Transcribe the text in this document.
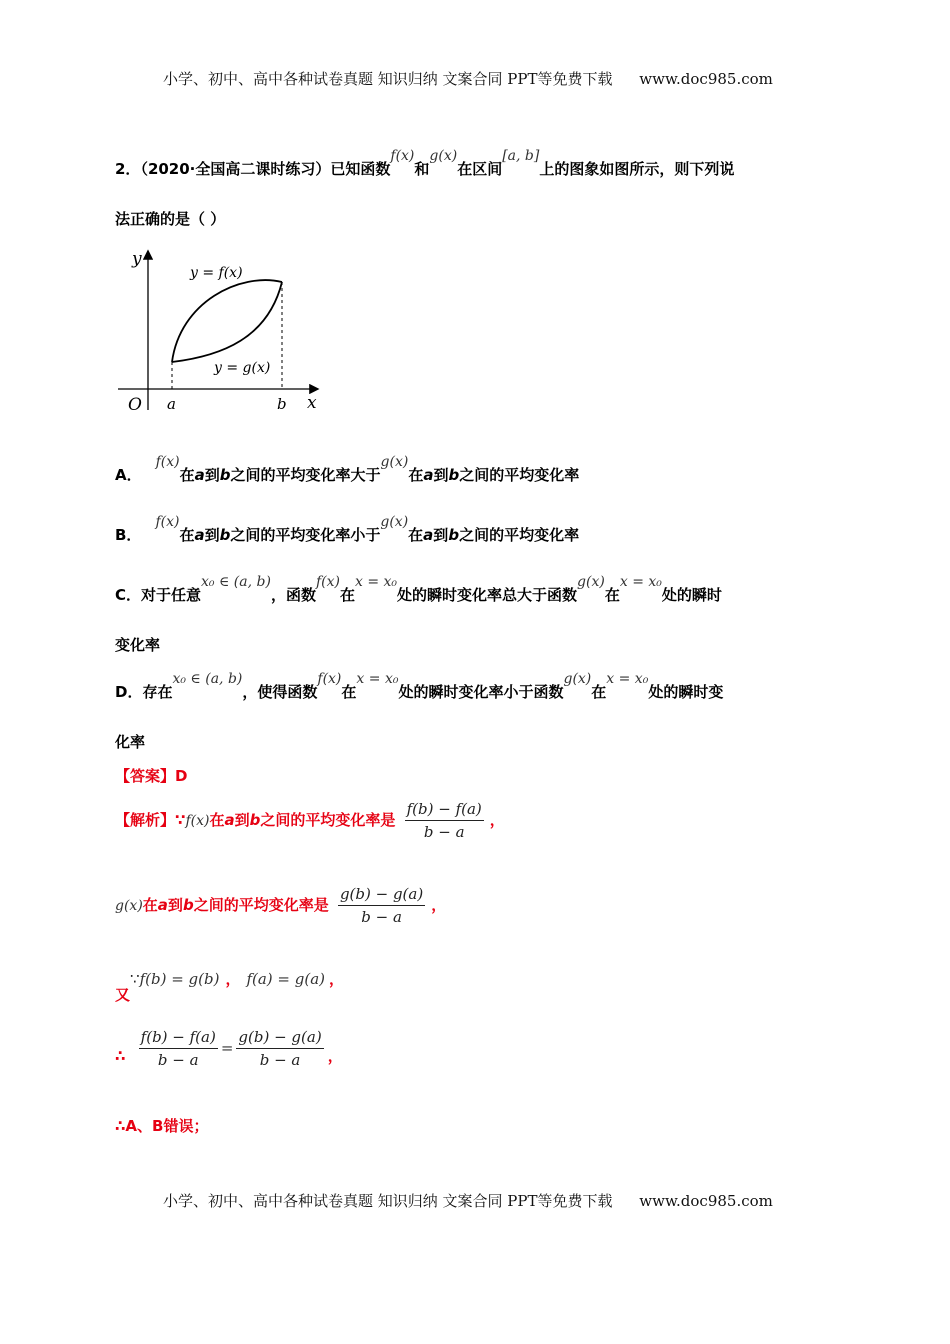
小学、初中、高中各种试卷真题 知识归纳 文案合同 PPT等免费下载 www.doc985.com
2．（2020·全国高二课时练习）已知函数f(x)和g(x)在区间[a, b]上的图象如图所示，则下列说
法正确的是（ ）
y
x
O a	b
y = f(x)
y = g(x)
A．f(x)在a到b之间的平均变化率大于g(x)在a到b之间的平均变化率
B．f(x)在a到b之间的平均变化率小于g(x)在a到b之间的平均变化率
C．对于任意x₀ ∈ (a, b)，函数f(x)在x = x₀处的瞬时变化率总大于函数g(x)在x = x₀处的瞬时
变化率
D．存在x₀ ∈ (a, b)，使得函数f(x)在x = x₀处的瞬时变化率小于函数g(x)在x = x₀处的瞬时变
化率
【答案】D
【解析】∵f(x)在a到b之间的平均变化率是 $\frac{f(b) - f(a)}{b - a}$ ，
g(x)在a到b之间的平均变化率是 $\frac{g(b) - g(a)}{b - a}$ ，
又∵f(b) = g(b) ， f(a) = g(a) ，
∴ $\frac{f(b) - f(a)}{b - a} = \frac{g(b) - g(a)}{b - a}$ ，
∴A、B错误；
小学、初中、高中各种试卷真题 知识归纳 文案合同 PPT等免费下载 www.doc985.com
